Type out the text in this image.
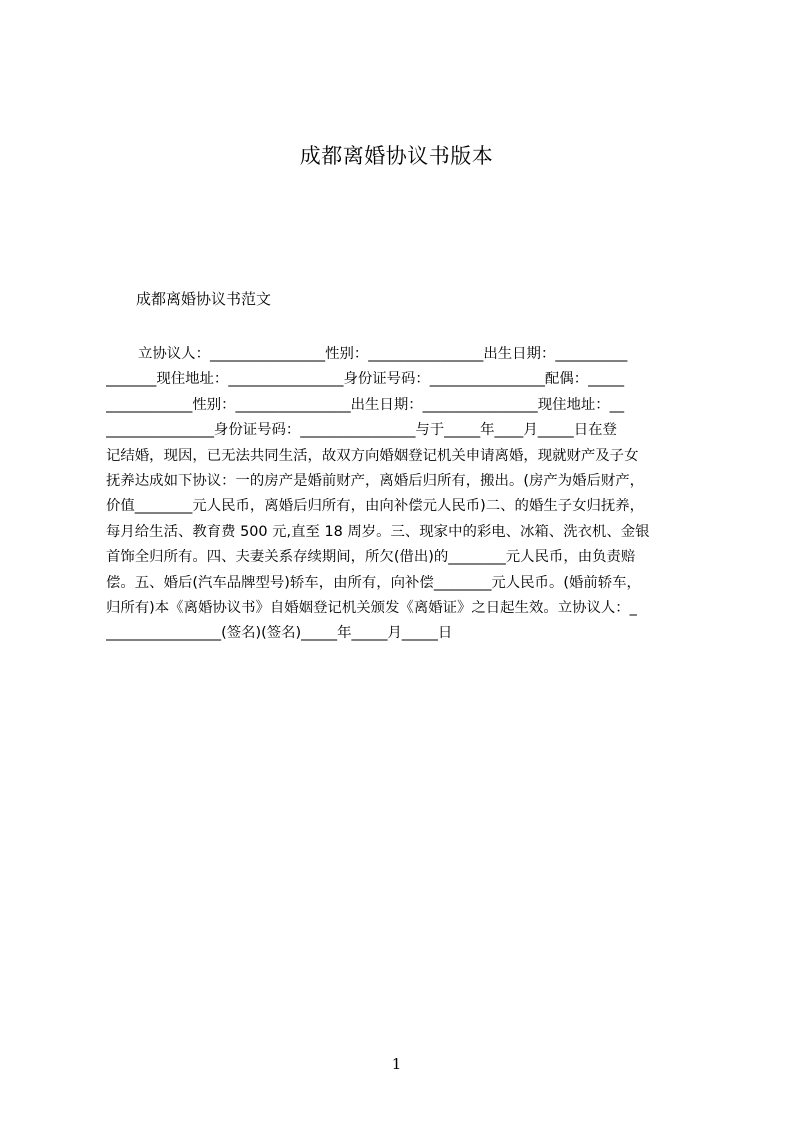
成都离婚协议书版本
成都离婚协议书范文
立协议人：________________性别：________________出生日期：__________
_______现住地址：________________身份证号码：________________配偶：_____
____________性别：________________出生日期：________________现住地址：__
_______________身份证号码：________________与于_____年____月_____日在登
记结婚，现因，已无法共同生活，故双方向婚姻登记机关申请离婚，现就财产及子女
抚养达成如下协议：一的房产是婚前财产，离婚后归所有，搬出。(房产为婚后财产，
价值________元人民币，离婚后归所有，由向补偿元人民币)二、的婚生子女归抚养，
每月给生活、教育费 500 元,直至 18 周岁。三、现家中的彩电、冰箱、洗衣机、金银
首饰全归所有。四、夫妻关系存续期间，所欠(借出)的________元人民币，由负责赔
偿。五、婚后(汽车品牌型号)轿车，由所有，向补偿________元人民币。(婚前轿车，
归所有)本《离婚协议书》自婚姻登记机关颁发《离婚证》之日起生效。立协议人：_
________________(签名)(签名)_____年_____月_____日
1
